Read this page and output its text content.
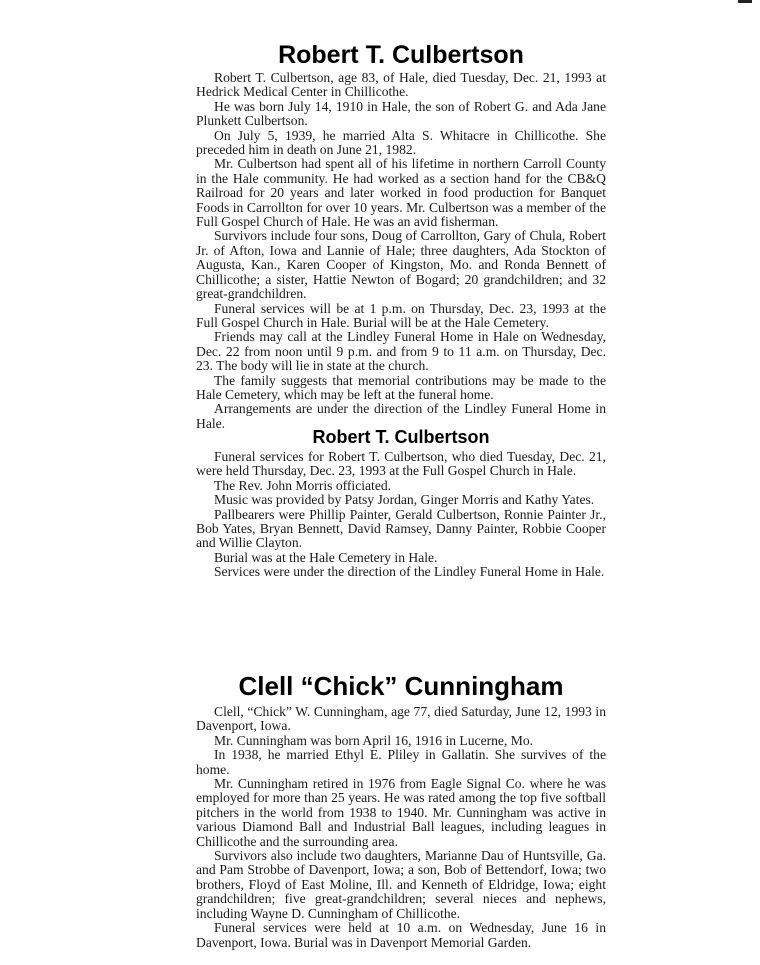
Robert T. Culbertson

Robert T. Culbertson, age 83, of Hale, died Tuesday, Dec. 21, 1993 at Hedrick Medical Center in Chillicothe.

He was born July 14, 1910 in Hale, the son of Robert G. and Ada Jane Plunkett Culbertson.

On July 5, 1939, he married Alta S. Whitacre in Chillicothe. She preceded him in death on June 21, 1982.

Mr. Culbertson had spent all of his lifetime in northern Carroll County in the Hale community. He had worked as a section hand for the CB&Q Railroad for 20 years and later worked in food production for Banquet Foods in Carrollton for over 10 years. Mr. Culbertson was a member of the Full Gospel Church of Hale. He was an avid fisherman.

Survivors include four sons, Doug of Carrollton, Gary of Chula, Robert Jr. of Afton, Iowa and Lannie of Hale; three daughters, Ada Stockton of Augusta, Kan., Karen Cooper of Kingston, Mo. and Ronda Bennett of Chillicothe; a sister, Hattie Newton of Bogard; 20 grandchildren; and 32 great-grandchildren.

Funeral services will be at 1 p.m. on Thursday, Dec. 23, 1993 at the Full Gospel Church in Hale. Burial will be at the Hale Cemetery.

Friends may call at the Lindley Funeral Home in Hale on Wednesday, Dec. 22 from noon until 9 p.m. and from 9 to 11 a.m. on Thursday, Dec. 23. The body will lie in state at the church.

The family suggests that memorial contributions may be made to the Hale Cemetery, which may be left at the funeral home.

Arrangements are under the direction of the Lindley Funeral Home in Hale.

Robert T. Culbertson

Funeral services for Robert T. Culbertson, who died Tuesday, Dec. 21, were held Thursday, Dec. 23, 1993 at the Full Gospel Church in Hale.

The Rev. John Morris officiated.

Music was provided by Patsy Jordan, Ginger Morris and Kathy Yates.

Pallbearers were Phillip Painter, Gerald Culbertson, Ronnie Painter Jr., Bob Yates, Bryan Bennett, David Ramsey, Danny Painter, Robbie Cooper and Willie Clayton.

Burial was at the Hale Cemetery in Hale.

Services were under the direction of the Lindley Funeral Home in Hale.

Clell “Chick” Cunningham

Clell, “Chick” W. Cunningham, age 77, died Saturday, June 12, 1993 in Davenport, Iowa.

Mr. Cunningham was born April 16, 1916 in Lucerne, Mo.

In 1938, he married Ethyl E. Pliley in Gallatin. She survives of the home.

Mr. Cunningham retired in 1976 from Eagle Signal Co. where he was employed for more than 25 years. He was rated among the top five softball pitchers in the world from 1938 to 1940. Mr. Cunningham was active in various Diamond Ball and Industrial Ball leagues, including leagues in Chillicothe and the surrounding area.

Survivors also include two daughters, Marianne Dau of Huntsville, Ga. and Pam Strobbe of Davenport, Iowa; a son, Bob of Bettendorf, Iowa; two brothers, Floyd of East Moline, Ill. and Kenneth of Eldridge, Iowa; eight grandchildren; five great-grandchildren; several nieces and nephews, including Wayne D. Cunningham of Chillicothe.

Funeral services were held at 10 a.m. on Wednesday, June 16 in Davenport, Iowa. Burial was in Davenport Memorial Garden.
